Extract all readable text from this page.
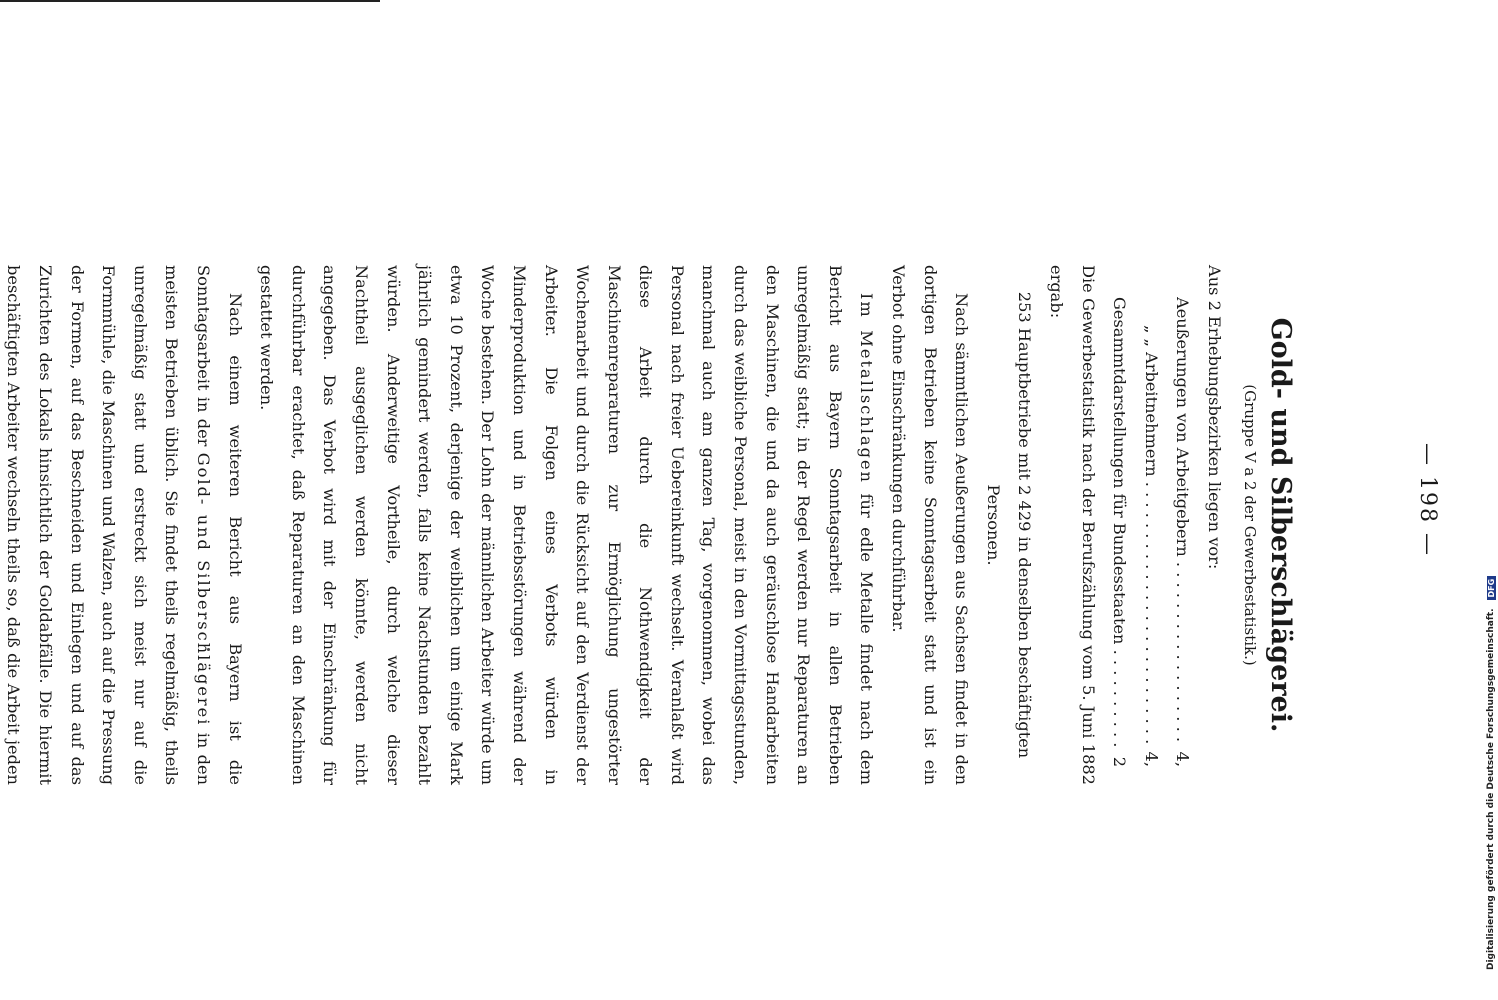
— 198 —

Gold- und Silberschlägerei.

(Gruppe V a 2 der Gewerbestatistik.)

Aus 2 Erhebungsbezirken liegen vor:

Aeußerungen von Arbeitgebern . . .
4,
„ „ Arbeitnehmern . . .
4,
Gesammtdarstellungen für Bundesstaaten . . .
2

Die Gewerbestatistik nach der Berufszählung vom 5. Juni 1882 ergab:

253 Hauptbetriebe mit 2 429 in denselben beschäftigten Personen.

Nach sämmtlichen Aeußerungen aus Sachsen findet in den dortigen Betrieben keine Sonntagsarbeit statt und ist ein Verbot ohne Einschränkungen durchführbar.

Im Metallschlagen für edle Metalle findet nach dem Bericht aus Bayern Sonntagsarbeit in allen Betrieben unregelmäßig statt; in der Regel werden nur Reparaturen an den Maschinen, die und da auch geräuschlose Handarbeiten durch das weibliche Personal, meist in den Vormittagsstunden, manchmal auch am ganzen Tag, vorgenommen, wobei das Personal nach freier Uebereinkunft wechselt. Veranlaßt wird diese Arbeit durch die Nothwendigkeit der Maschinenreparaturen zur Ermöglichung ungestörter Wochenarbeit und durch die Rücksicht auf den Verdienst der Arbeiter. Die Folgen eines Verbots würden in Minderproduktion und in Betriebsstörungen während der Woche bestehen. Der Lohn der männlichen Arbeiter würde um etwa 10 Prozent, derjenige der weiblichen um einige Mark jährlich gemindert werden, falls keine Nachstunden bezahlt würden. Anderweitige Vortheile, durch welche dieser Nachtheil ausgeglichen werden könnte, werden nicht angegeben. Das Verbot wird mit der Einschränkung für durchführbar erachtet, daß Reparaturen an den Maschinen gestattet werden.

Nach einem weiteren Bericht aus Bayern ist die Sonntagsarbeit in der Gold- und Silberschlägerei in den meisten Betrieben üblich. Sie findet theils regelmäßig, theils unregelmäßig statt und erstreckt sich meist nur auf die Formmühle, die Maschinen und Walzen, auch auf die Pressung der Formen, auf das Beschneiden und Einlegen und auf das Zurichten des Lokals hinsichtlich der Goldabfälle. Die hiermit beschäftigten Arbeiter wechseln theils so, daß die Arbeit jeden	Digitalisierung gefördert durch die Deutsche Forschungsgemeinschaft.
DFG
